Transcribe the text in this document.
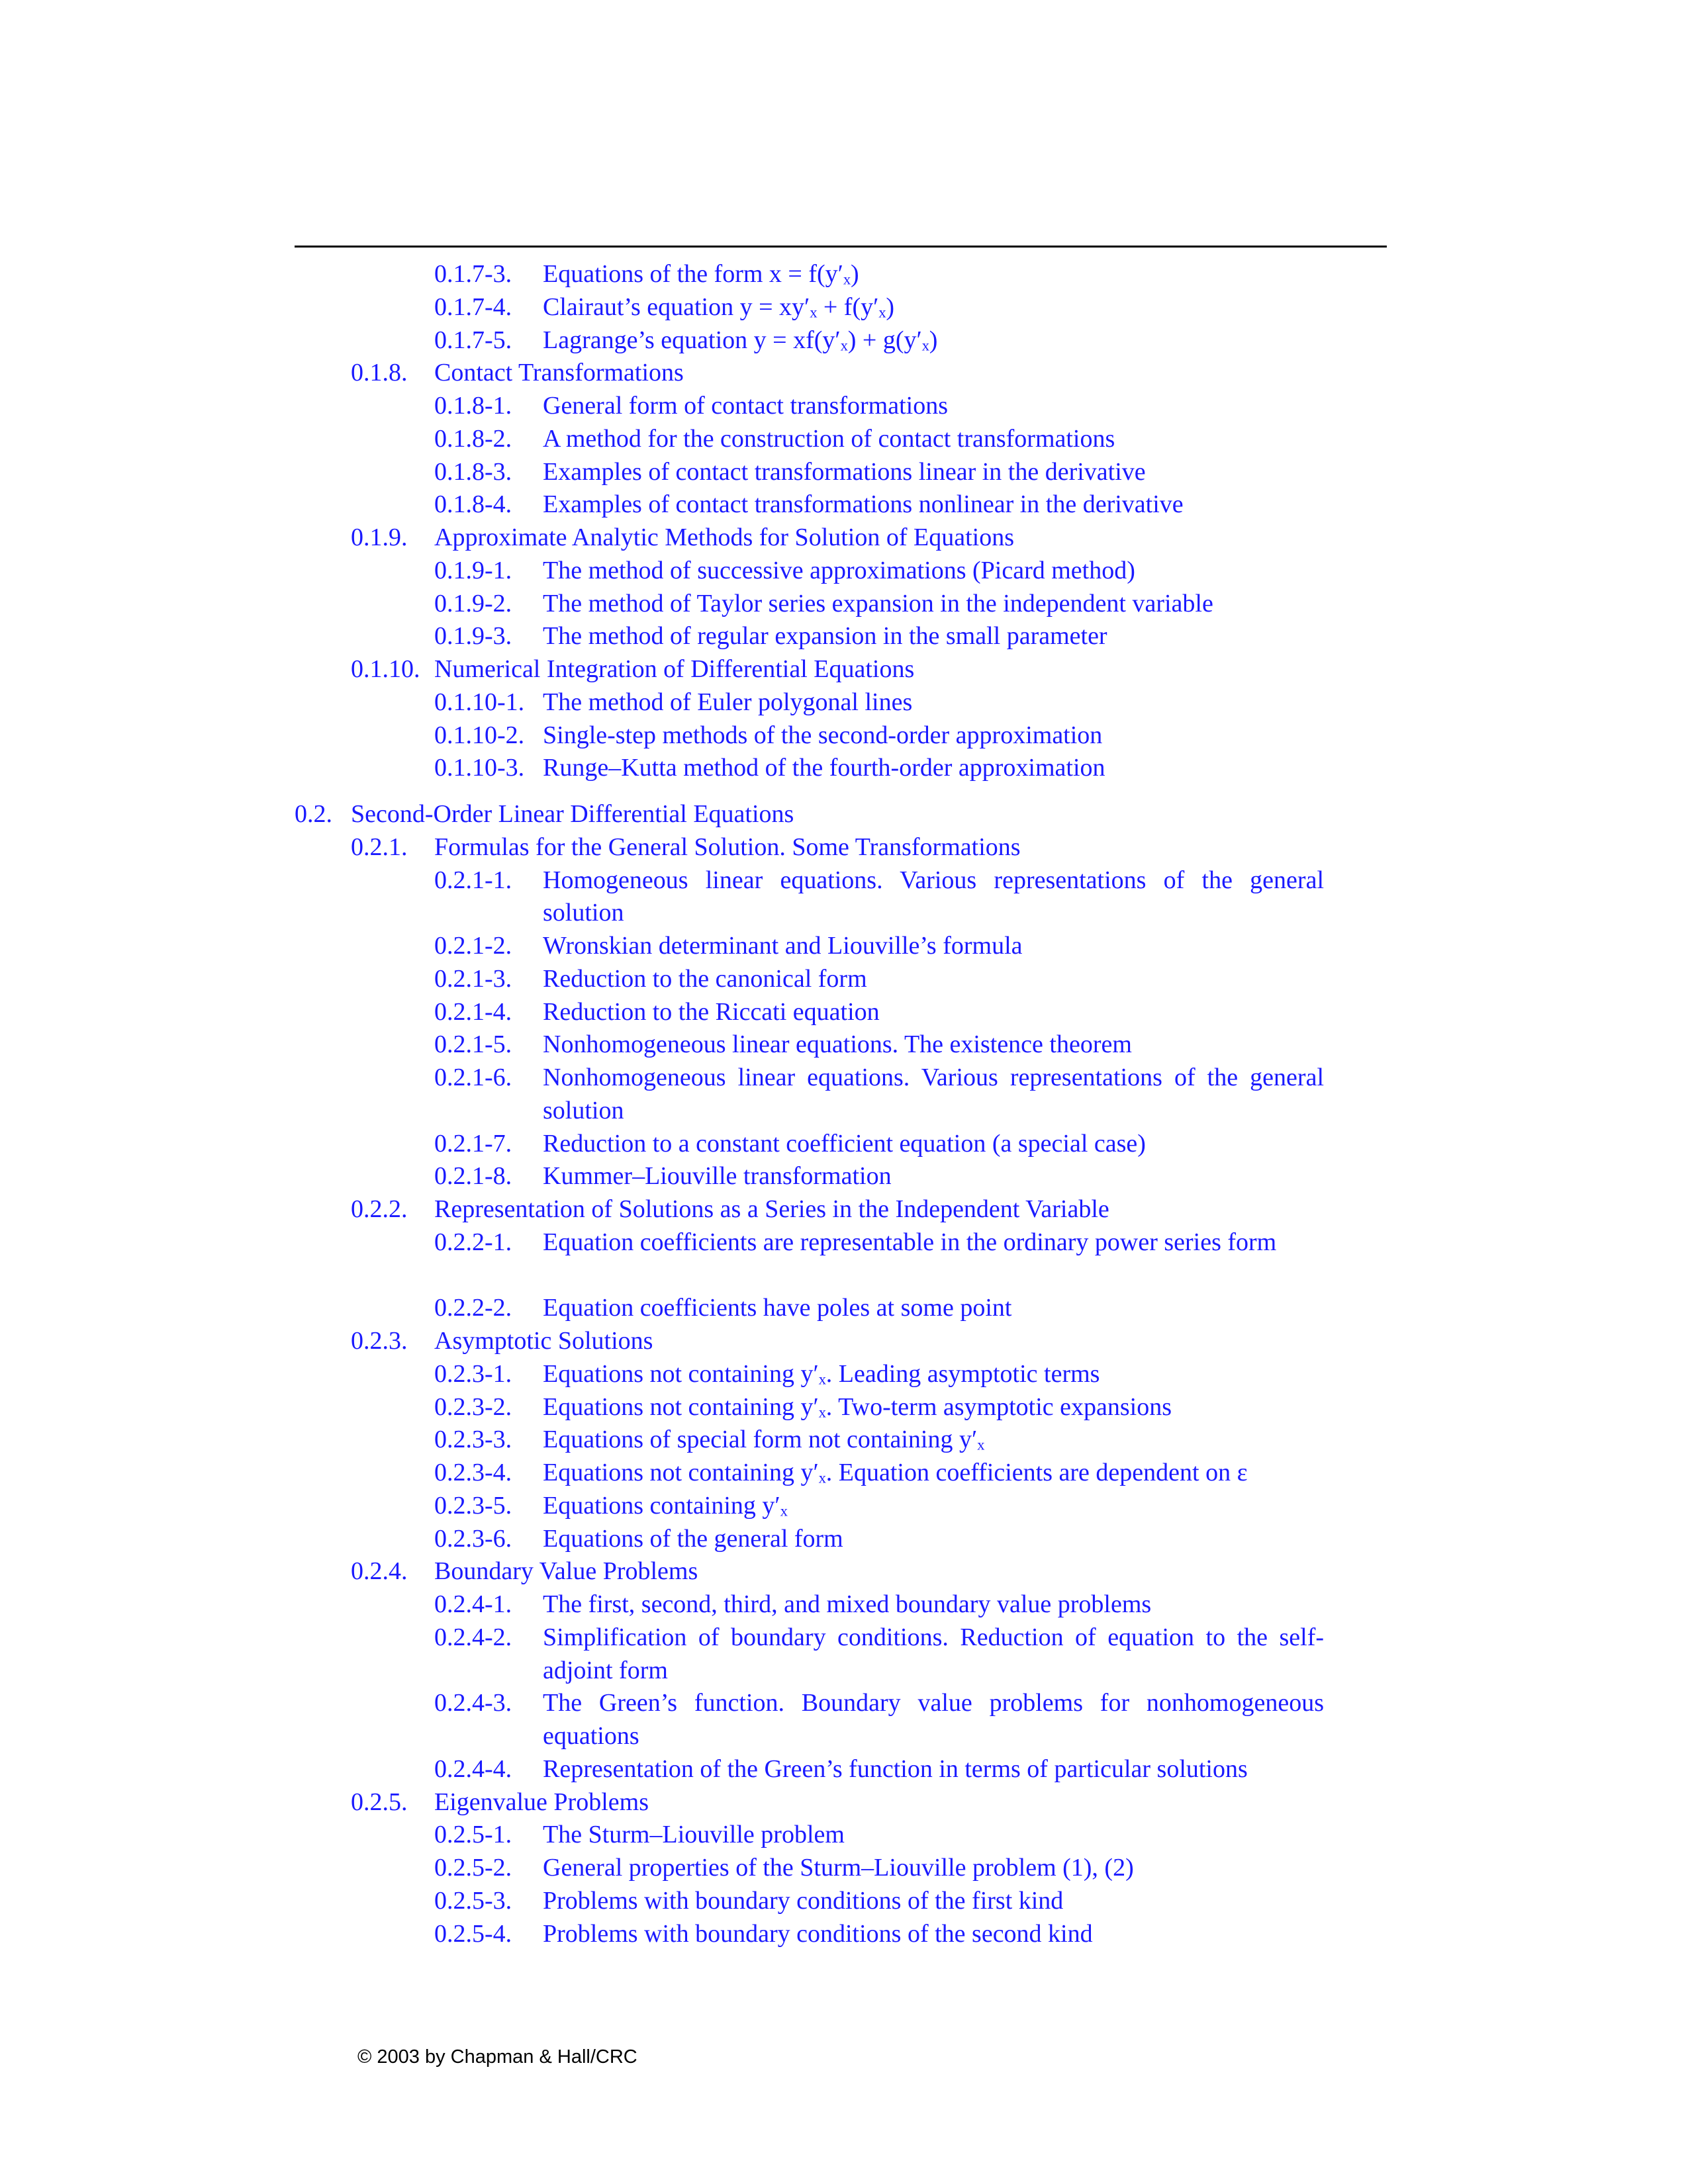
0.1.7-3. Equations of the form x = f(y′ₓ)
0.1.7-4. Clairaut’s equation y = xy′ₓ + f(y′ₓ)
0.1.7-5. Lagrange’s equation y = xf(y′ₓ) + g(y′ₓ)
0.1.8. Contact Transformations
0.1.8-1. General form of contact transformations
0.1.8-2. A method for the construction of contact transformations
0.1.8-3. Examples of contact transformations linear in the derivative
0.1.8-4. Examples of contact transformations nonlinear in the derivative
0.1.9. Approximate Analytic Methods for Solution of Equations
0.1.9-1. The method of successive approximations (Picard method)
0.1.9-2. The method of Taylor series expansion in the independent variable
0.1.9-3. The method of regular expansion in the small parameter
0.1.10. Numerical Integration of Differential Equations
0.1.10-1. The method of Euler polygonal lines
0.1.10-2. Single-step methods of the second-order approximation
0.1.10-3. Runge–Kutta method of the fourth-order approximation
0.2. Second-Order Linear Differential Equations
0.2.1. Formulas for the General Solution. Some Transformations
0.2.1-1. Homogeneous linear equations. Various representations of the general solution
0.2.1-2. Wronskian determinant and Liouville’s formula
0.2.1-3. Reduction to the canonical form
0.2.1-4. Reduction to the Riccati equation
0.2.1-5. Nonhomogeneous linear equations. The existence theorem
0.2.1-6. Nonhomogeneous linear equations. Various representations of the general solution
0.2.1-7. Reduction to a constant coefficient equation (a special case)
0.2.1-8. Kummer–Liouville transformation
0.2.2. Representation of Solutions as a Series in the Independent Variable
0.2.2-1. Equation coefficients are representable in the ordinary power series form
0.2.2-2. Equation coefficients have poles at some point
0.2.3. Asymptotic Solutions
0.2.3-1. Equations not containing y′ₓ. Leading asymptotic terms
0.2.3-2. Equations not containing y′ₓ. Two-term asymptotic expansions
0.2.3-3. Equations of special form not containing y′ₓ
0.2.3-4. Equations not containing y′ₓ. Equation coefficients are dependent on ε
0.2.3-5. Equations containing y′ₓ
0.2.3-6. Equations of the general form
0.2.4. Boundary Value Problems
0.2.4-1. The first, second, third, and mixed boundary value problems
0.2.4-2. Simplification of boundary conditions. Reduction of equation to the self-adjoint form
0.2.4-3. The Green’s function. Boundary value problems for nonhomogeneous equations
0.2.4-4. Representation of the Green’s function in terms of particular solutions
0.2.5. Eigenvalue Problems
0.2.5-1. The Sturm–Liouville problem
0.2.5-2. General properties of the Sturm–Liouville problem (1), (2)
0.2.5-3. Problems with boundary conditions of the first kind
0.2.5-4. Problems with boundary conditions of the second kind
© 2003 by Chapman & Hall/CRC
